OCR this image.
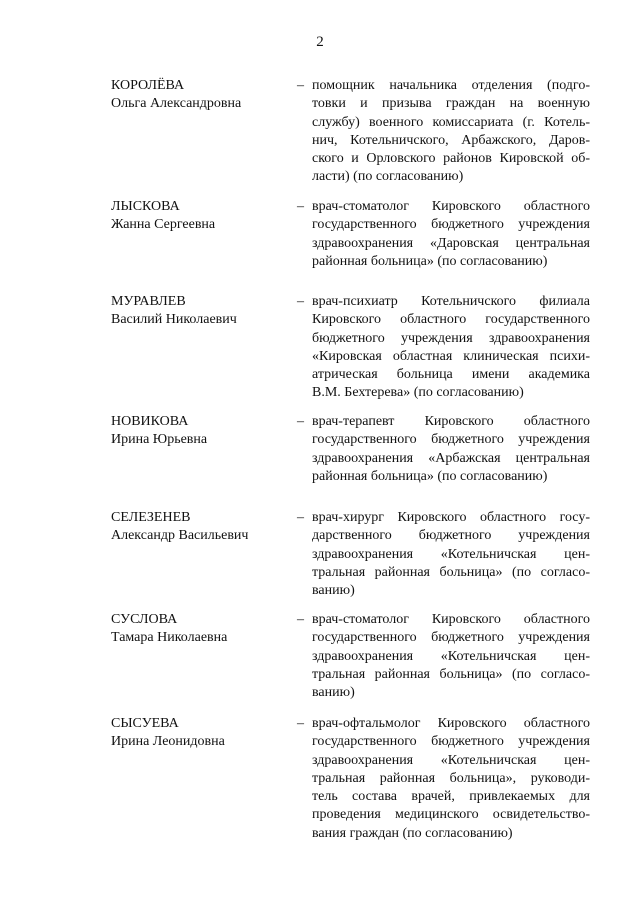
2
КОРОЛЁВА
Ольга Александровна
– помощник начальника отделения (подго-
товки и призыва граждан на военную
службу) военного комиссариата (г. Котель-
нич, Котельничского, Арбажского, Даров-
ского и Орловского районов Кировской об-
ласти) (по согласованию)
ЛЫСКОВА
Жанна Сергеевна
– врач-стоматолог Кировского областного
государственного бюджетного учреждения
здравоохранения «Даровская центральная
районная больница» (по согласованию)
МУРАВЛЕВ
Василий Николаевич
– врач-психиатр Котельничского филиала
Кировского областного государственного
бюджетного учреждения здравоохранения
«Кировская областная клиническая психи-
атрическая больница имени академика
В.М. Бехтерева» (по согласованию)
НОВИКОВА
Ирина Юрьевна
– врач-терапевт Кировского областного
государственного бюджетного учреждения
здравоохранения «Арбажская центральная
районная больница» (по согласованию)
СЕЛЕЗЕНЕВ
Александр Васильевич
– врач-хирург Кировского областного госу-
дарственного бюджетного учреждения
здравоохранения «Котельничская цен-
тральная районная больница» (по согласо-
ванию)
СУСЛОВА
Тамара Николаевна
– врач-стоматолог Кировского областного
государственного бюджетного учреждения
здравоохранения «Котельничская цен-
тральная районная больница» (по согласо-
ванию)
СЫСУЕВА
Ирина Леонидовна
– врач-офтальмолог Кировского областного
государственного бюджетного учреждения
здравоохранения «Котельничская цен-
тральная районная больница», руководи-
тель состава врачей, привлекаемых для
проведения медицинского освидетельство-
вания граждан (по согласованию)
